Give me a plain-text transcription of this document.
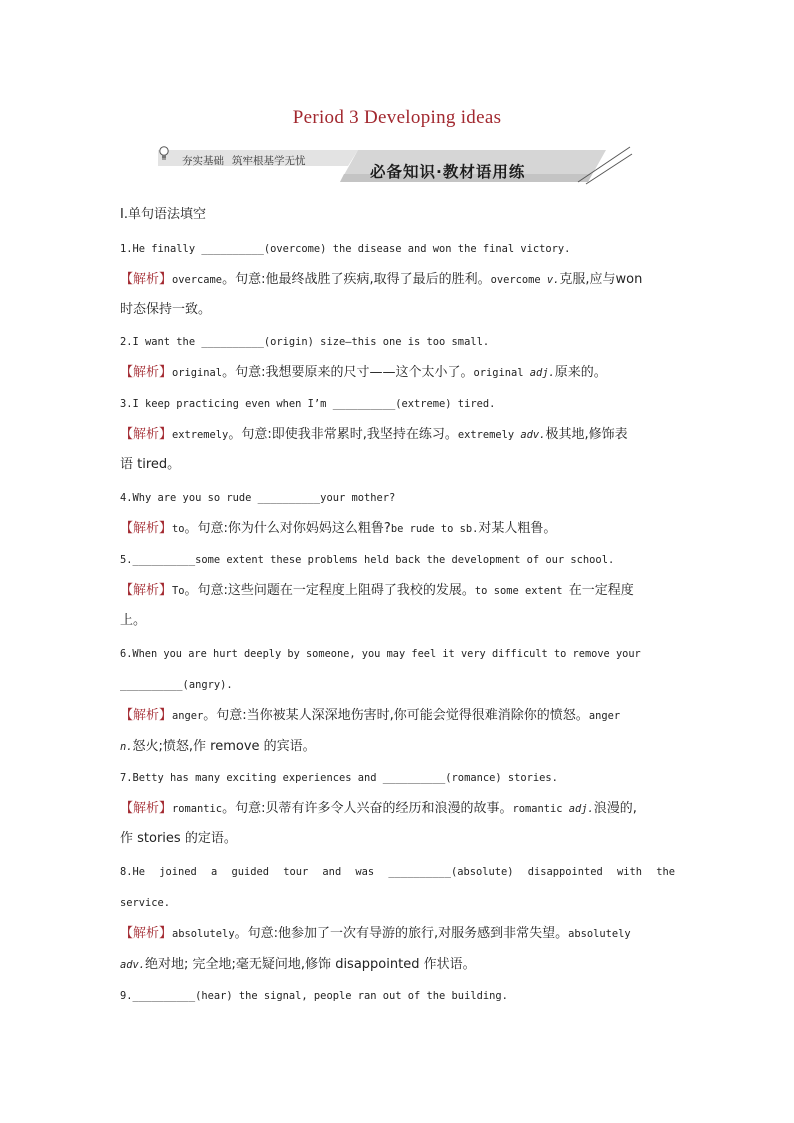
Period 3 Developing ideas
夯实基础 筑牢根基学无忧
必备知识·教材语用练
Ⅰ.单句语法填空
1.He finally __________(overcome) the disease and won the final victory.
【解析】overcame。句意:他最终战胜了疾病,取得了最后的胜利。overcome v.克服,应与won
时态保持一致。
2.I want the __________(origin) size—this one is too small.
【解析】original。句意:我想要原来的尺寸——这个太小了。original adj.原来的。
3.I keep practicing even when I’m __________(extreme) tired.
【解析】extremely。句意:即使我非常累时,我坚持在练习。extremely adv.极其地,修饰表
语 tired。
4.Why are you so rude __________your mother?
【解析】to。句意:你为什么对你妈妈这么粗鲁?be rude to sb.对某人粗鲁。
5.__________some extent these problems held back the development of our school.
【解析】To。句意:这些问题在一定程度上阻碍了我校的发展。to some extent 在一定程度
上。
6.When you are hurt deeply by someone, you may feel it very difficult to remove your
__________(angry).
【解析】anger。句意:当你被某人深深地伤害时,你可能会觉得很难消除你的愤怒。anger
n.怒火;愤怒,作 remove 的宾语。
7.Betty has many exciting experiences and __________(romance) stories.
【解析】romantic。句意:贝蒂有许多令人兴奋的经历和浪漫的故事。romantic adj.浪漫的,
作 stories 的定语。
8.He joined a guided tour and was __________(absolute) disappointed with the
service.
【解析】absolutely。句意:他参加了一次有导游的旅行,对服务感到非常失望。absolutely
adv.绝对地; 完全地;毫无疑问地,修饰 disappointed 作状语。
9.__________(hear) the signal, people ran out of the building.
